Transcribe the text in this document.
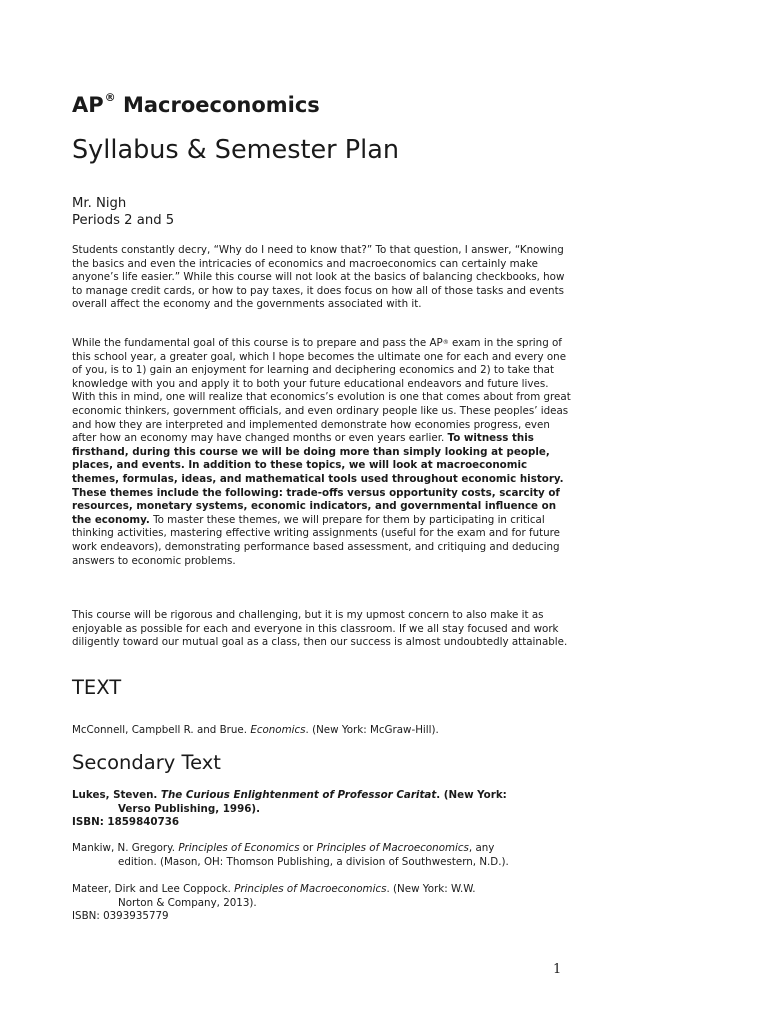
AP® Macroeconomics
Syllabus & Semester Plan
Mr. Nigh
Periods 2 and 5

Students constantly decry, “Why do I need to know that?” To that question, I answer, “Knowing the basics and even the intricacies of economics and macroeconomics can certainly make anyone’s life easier.” While this course will not look at the basics of balancing checkbooks, how to manage credit cards, or how to pay taxes, it does focus on how all of those tasks and events overall affect the economy and the governments associated with it.

While the fundamental goal of this course is to prepare and pass the AP® exam in the spring of this school year, a greater goal, which I hope becomes the ultimate one for each and every one of you, is to 1) gain an enjoyment for learning and deciphering economics and 2) to take that knowledge with you and apply it to both your future educational endeavors and future lives. With this in mind, one will realize that economics’s evolution is one that comes about from great economic thinkers, government officials, and even ordinary people like us. These peoples’ ideas and how they are interpreted and implemented demonstrate how economies progress, even after how an economy may have changed months or even years earlier. To witness this firsthand, during this course we will be doing more than simply looking at people, places, and events. In addition to these topics, we will look at macroeconomic themes, formulas, ideas, and mathematical tools used throughout economic history. These themes include the following: trade-offs versus opportunity costs, scarcity of resources, monetary systems, economic indicators, and governmental influence on the economy. To master these themes, we will prepare for them by participating in critical thinking activities, mastering effective writing assignments (useful for the exam and for future work endeavors), demonstrating performance based assessment, and critiquing and deducing answers to economic problems.

This course will be rigorous and challenging, but it is my upmost concern to also make it as enjoyable as possible for each and everyone in this classroom. If we all stay focused and work diligently toward our mutual goal as a class, then our success is almost undoubtedly attainable.

TEXT
McConnell, Campbell R. and Brue. Economics. (New York: McGraw-Hill).
Secondary Text
Lukes, Steven. The Curious Enlightenment of Professor Caritat. (New York:
Verso Publishing, 1996).
ISBN: 1859840736
Mankiw, N. Gregory. Principles of Economics or Principles of Macroeconomics, any
edition. (Mason, OH: Thomson Publishing, a division of Southwestern, N.D.).
Mateer, Dirk and Lee Coppock. Principles of Macroeconomics. (New York: W.W.
Norton & Company, 2013).
ISBN: 0393935779
1
